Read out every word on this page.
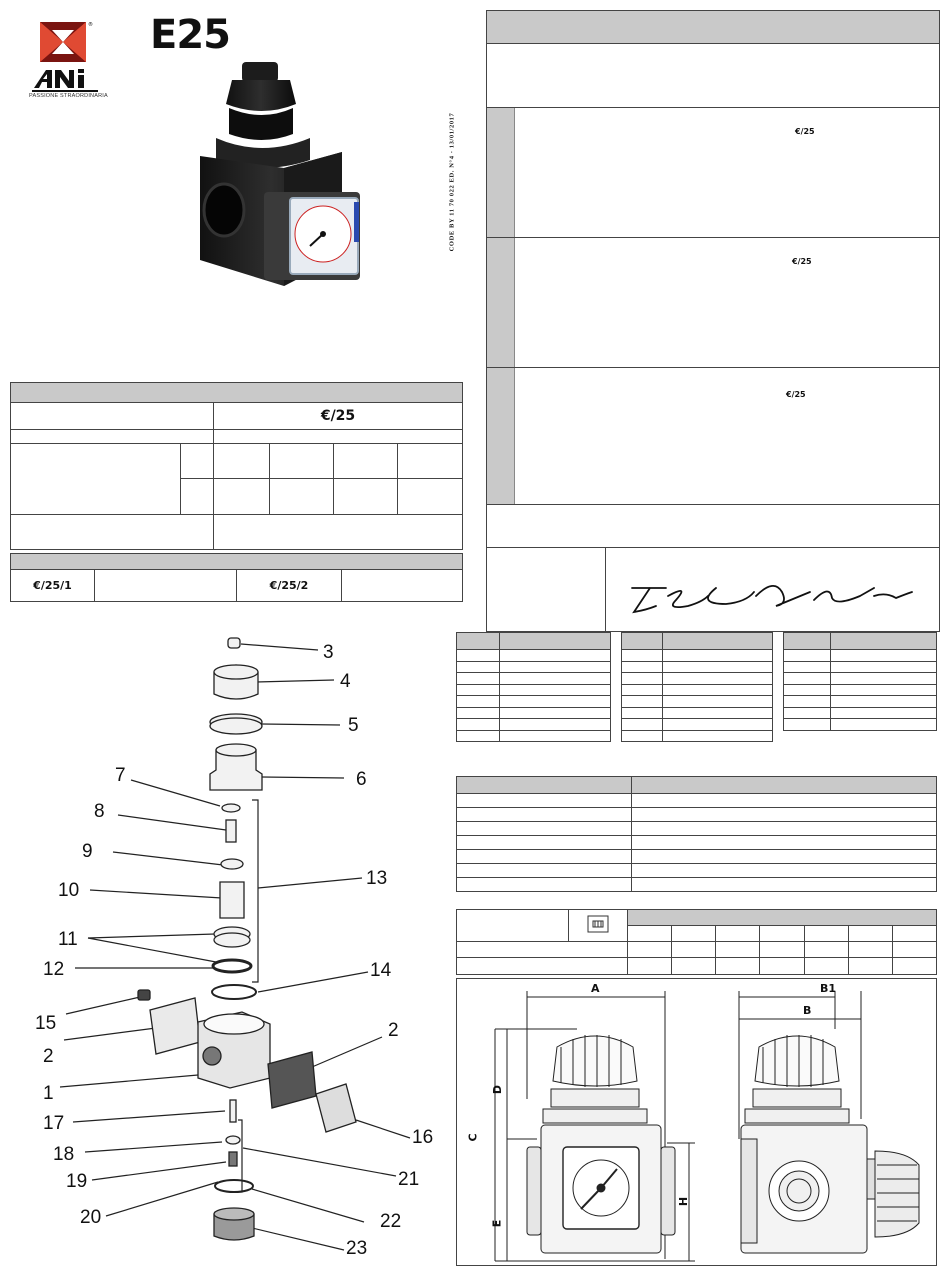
®
PASSIONE STRAORDINARIA
E25
CODE BY 11 70 022 ED. N°4 - 13/01/2017

		€/25			

€/25/1		€/25/2	
€/25
€/25
€/25

3
4
5
6
7
8
9
13
10
11
12	14
15
2
2
1
17
16
18
21
19
20	22
23
A	B1
B
C
D
E
H
